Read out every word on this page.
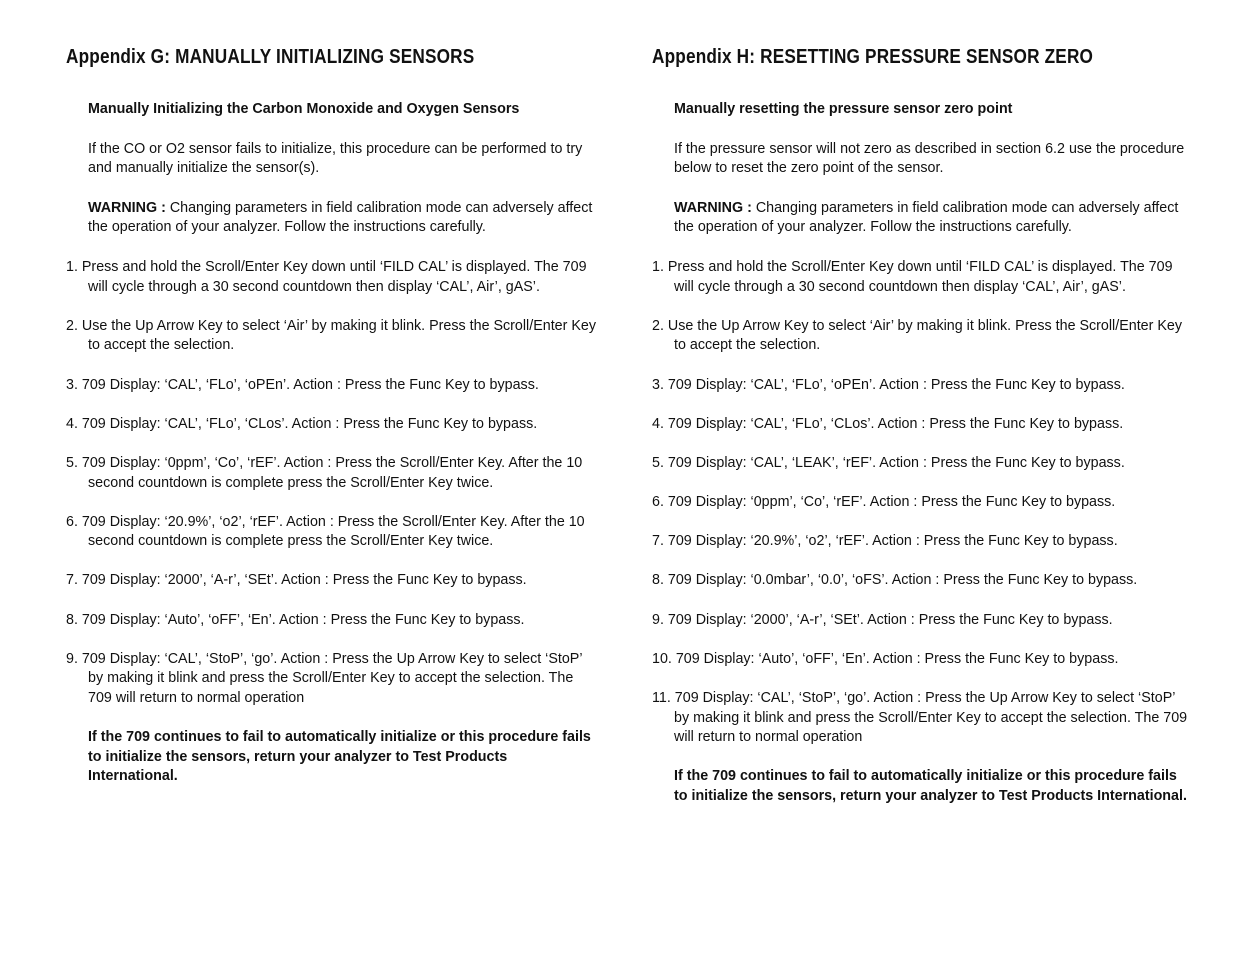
Appendix G: MANUALLY INITIALIZING SENSORS

Manually Initializing the Carbon Monoxide and Oxygen Sensors

If the CO or O2 sensor fails to initialize, this procedure can be performed to try and manually initialize the sensor(s).

WARNING : Changing parameters in field calibration mode can adversely affect the operation of your analyzer. Follow the instructions carefully.

1. Press and hold the Scroll/Enter Key down until ‘FILD CAL’ is displayed. The 709 will cycle through a 30 second countdown then display ‘CAL’, Air’, gAS’.
2. Use the Up Arrow Key to select ‘Air’ by making it blink. Press the Scroll/Enter Key to accept the selection.
3. 709 Display: ‘CAL’, ‘FLo’, ‘oPEn’. Action : Press the Func Key to bypass.
4. 709 Display: ‘CAL’, ‘FLo’, ‘CLos’. Action : Press the Func Key to bypass.
5. 709 Display: ‘0ppm’, ‘Co’, ‘rEF’. Action : Press the Scroll/Enter Key. After the 10 second countdown is complete press the Scroll/Enter Key twice.
6. 709 Display: ‘20.9%’, ‘o2’, ‘rEF’. Action : Press the Scroll/Enter Key. After the 10 second countdown is complete press the Scroll/Enter Key twice.
7. 709 Display: ‘2000’, ‘A-r’, ‘SEt’. Action : Press the Func Key to bypass.
8. 709 Display: ‘Auto’, ‘oFF’, ‘En’. Action : Press the Func Key to bypass.
9. 709 Display: ‘CAL’, ‘StoP’, ‘go’. Action : Press the Up Arrow Key to select ‘StoP’ by making it blink and press the Scroll/Enter Key to accept the selection. The 709 will return to normal operation

If the 709 continues to fail to automatically initialize or this procedure fails to initialize the sensors, return your analyzer to Test Products International.

Appendix H: RESETTING PRESSURE SENSOR ZERO

Manually resetting the pressure sensor zero point

If the pressure sensor will not zero as described in section 6.2 use the procedure below to reset the zero point of the sensor.

WARNING : Changing parameters in field calibration mode can adversely affect the operation of your analyzer. Follow the instructions carefully.

1. Press and hold the Scroll/Enter Key down until ‘FILD CAL’ is displayed. The 709 will cycle through a 30 second countdown then display ‘CAL’, Air’, gAS’.
2. Use the Up Arrow Key to select ‘Air’ by making it blink. Press the Scroll/Enter Key to accept the selection.
3. 709 Display: ‘CAL’, ‘FLo’, ‘oPEn’. Action : Press the Func Key to bypass.
4. 709 Display: ‘CAL’, ‘FLo’, ‘CLos’. Action : Press the Func Key to bypass.
5. 709 Display: ‘CAL’, ‘LEAK’, ‘rEF’. Action : Press the Func Key to bypass.
6. 709 Display: ‘0ppm’, ‘Co’, ‘rEF’. Action : Press the Func Key to bypass.
7. 709 Display: ‘20.9%’, ‘o2’, ‘rEF’. Action : Press the Func Key to bypass.
8. 709 Display: ‘0.0mbar’, ‘0.0’, ‘oFS’. Action : Press the Func Key to bypass.
9. 709 Display: ‘2000’, ‘A-r’, ‘SEt’. Action : Press the Func Key to bypass.
10. 709 Display: ‘Auto’, ‘oFF’, ‘En’. Action : Press the Func Key to bypass.
11. 709 Display: ‘CAL’, ‘StoP’, ‘go’. Action : Press the Up Arrow Key to select ‘StoP’ by making it blink and press the Scroll/Enter Key to accept the selection. The 709 will return to normal operation

If the 709 continues to fail to automatically initialize or this procedure fails to initialize the sensors, return your analyzer to Test Products International.
